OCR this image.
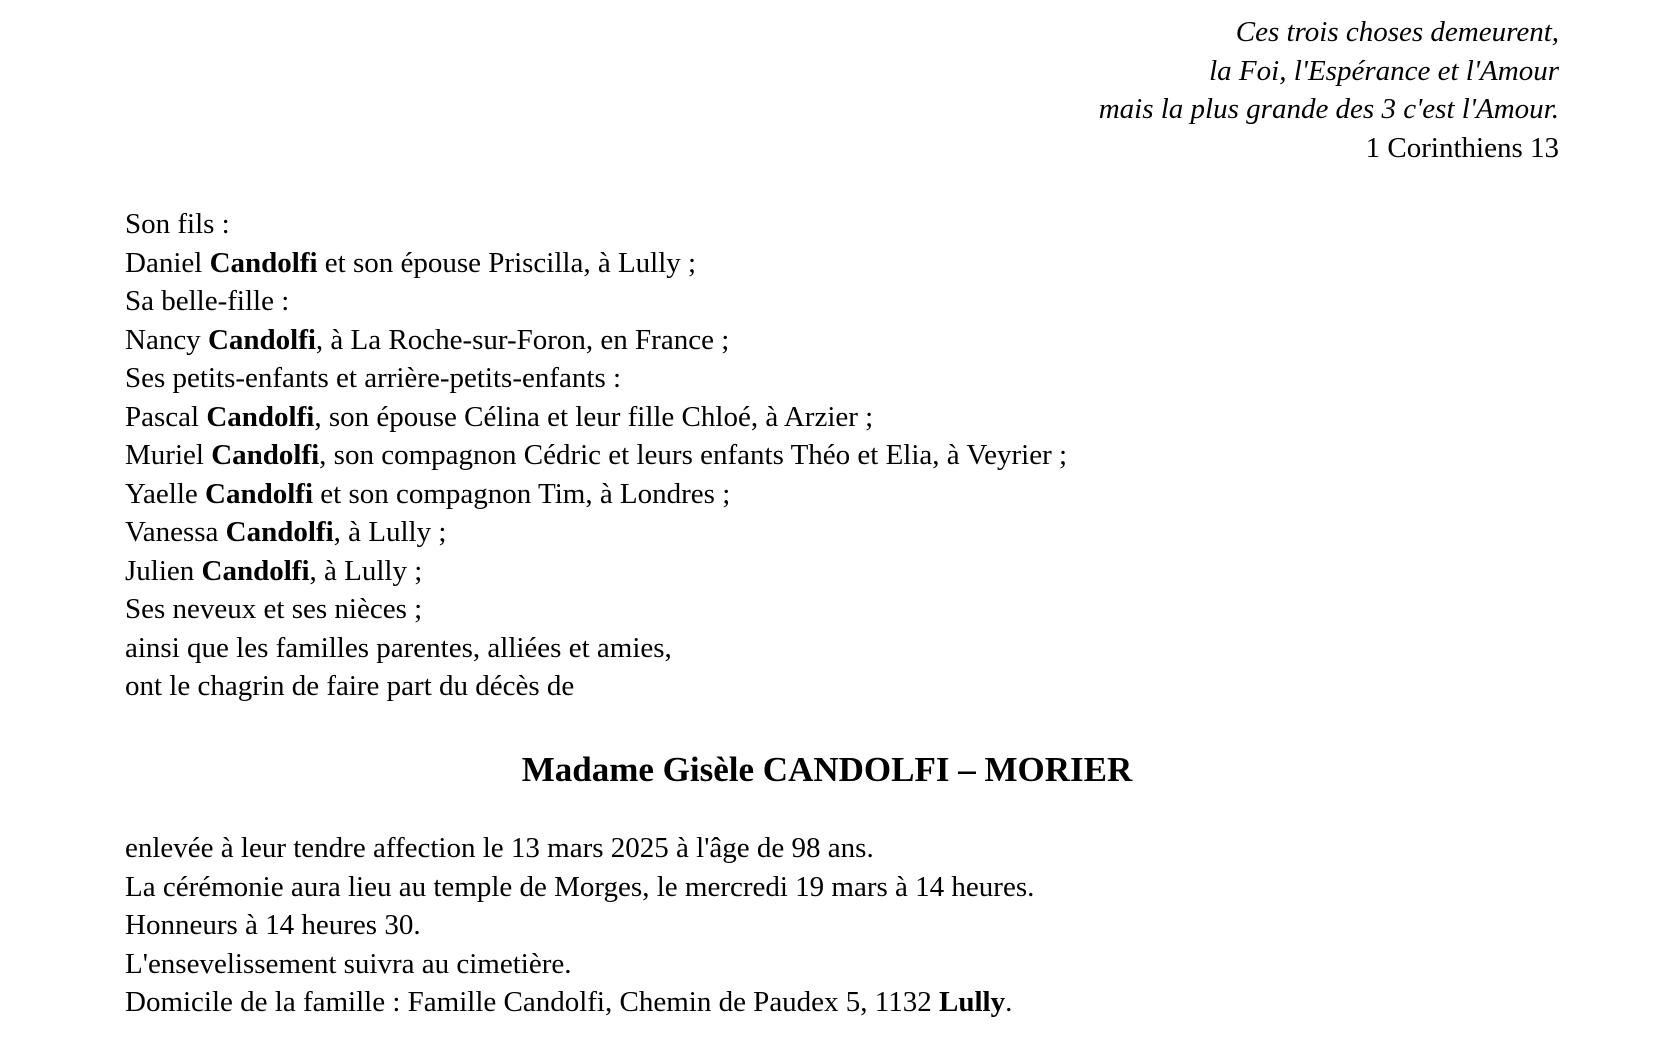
Ces trois choses demeurent,
la Foi, l'Espérance et l'Amour
mais la plus grande des 3 c'est l'Amour.
1 Corinthiens 13
Son fils :
Daniel Candolfi et son épouse Priscilla, à Lully ;
Sa belle-fille :
Nancy Candolfi, à La Roche-sur-Foron, en France ;
Ses petits-enfants et arrière-petits-enfants :
Pascal Candolfi, son épouse Célina et leur fille Chloé, à Arzier ;
Muriel Candolfi, son compagnon Cédric et leurs enfants Théo et Elia, à Veyrier ;
Yaelle Candolfi et son compagnon Tim, à Londres ;
Vanessa Candolfi, à Lully ;
Julien Candolfi, à Lully ;
Ses neveux et ses nièces ;
ainsi que les familles parentes, alliées et amies,
ont le chagrin de faire part du décès de
Madame Gisèle CANDOLFI – MORIER
enlevée à leur tendre affection le 13 mars 2025 à l'âge de 98 ans.
La cérémonie aura lieu au temple de Morges, le mercredi 19 mars à 14 heures.
Honneurs à 14 heures 30.
L'ensevelissement suivra au cimetière.
Domicile de la famille : Famille Candolfi, Chemin de Paudex 5, 1132 Lully.
